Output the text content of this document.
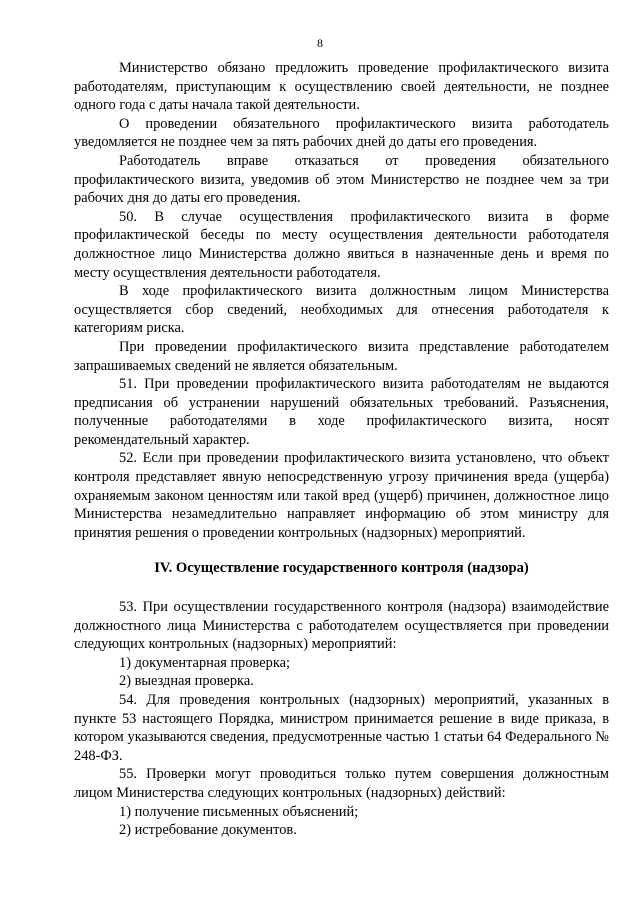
8

Министерство обязано предложить проведение профилактического визита работодателям, приступающим к осуществлению своей деятельности, не позднее одного года с даты начала такой деятельности.

О проведении обязательного профилактического визита работодатель уведомляется не позднее чем за пять рабочих дней до даты его проведения.

Работодатель вправе отказаться от проведения обязательного профилактического визита, уведомив об этом Министерство не позднее чем за три рабочих дня до даты его проведения.

50. В случае осуществления профилактического визита в форме профилактической беседы по месту осуществления деятельности работодателя должностное лицо Министерства должно явиться в назначенные день и время по месту осуществления деятельности работодателя.

В ходе профилактического визита должностным лицом Министерства осуществляется сбор сведений, необходимых для отнесения работодателя к категориям риска.

При проведении профилактического визита представление работодателем запрашиваемых сведений не является обязательным.

51. При проведении профилактического визита работодателям не выдаются предписания об устранении нарушений обязательных требований. Разъяснения, полученные работодателями в ходе профилактического визита, носят рекомендательный характер.

52. Если при проведении профилактического визита установлено, что объект контроля представляет явную непосредственную угрозу причинения вреда (ущерба) охраняемым законом ценностям или такой вред (ущерб) причинен, должностное лицо Министерства незамедлительно направляет информацию об этом министру для принятия решения о проведении контрольных (надзорных) мероприятий.

IV. Осуществление государственного контроля (надзора)

53. При осуществлении государственного контроля (надзора) взаимодействие должностного лица Министерства с работодателем осуществляется при проведении следующих контрольных (надзорных) мероприятий:

1) документарная проверка;

2) выездная проверка.

54. Для проведения контрольных (надзорных) мероприятий, указанных в пункте 53 настоящего Порядка, министром принимается решение в виде приказа, в котором указываются сведения, предусмотренные частью 1 статьи 64 Федерального № 248-ФЗ.

55. Проверки могут проводиться только путем совершения должностным лицом Министерства следующих контрольных (надзорных) действий:

1) получение письменных объяснений;

2) истребование документов.
